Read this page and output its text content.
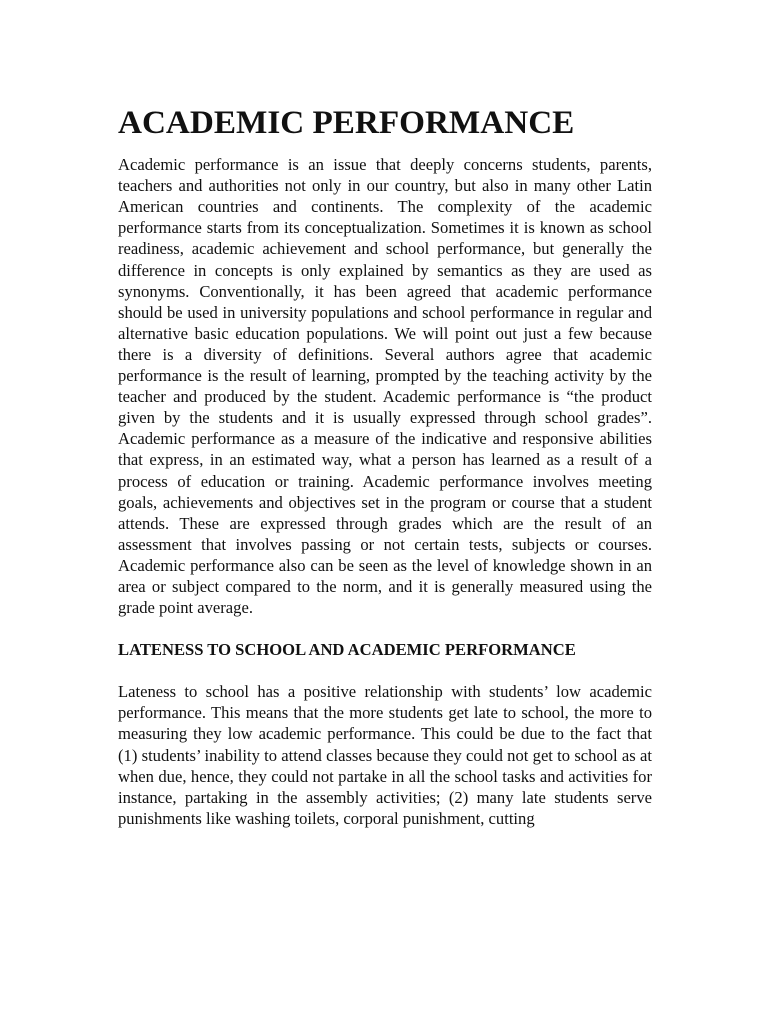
ACADEMIC PERFORMANCE

Academic performance is an issue that deeply concerns students, parents, teachers and authorities not only in our country, but also in many other Latin American countries and continents. The complexity of the academic performance starts from its conceptualization. Sometimes it is known as school readiness, academic achievement and school performance, but generally the difference in concepts is only explained by semantics as they are used as synonyms. Conventionally, it has been agreed that academic performance should be used in university populations and school performance in regular and alternative basic education populations. We will point out just a few because there is a diversity of definitions. Several authors agree that academic performance is the result of learning, prompted by the teaching activity by the teacher and produced by the student. Academic performance is “the product given by the students and it is usually expressed through school grades”. Academic performance as a measure of the indicative and responsive abilities that express, in an estimated way, what a person has learned as a result of a process of education or training. Academic performance involves meeting goals, achievements and objectives set in the program or course that a student attends. These are expressed through grades which are the result of an assessment that involves passing or not certain tests, subjects or courses. Academic performance also can be seen as the level of knowledge shown in an area or subject compared to the norm, and it is generally measured using the grade point average.

LATENESS TO SCHOOL AND ACADEMIC PERFORMANCE

Lateness to school has a positive relationship with students’ low academic performance. This means that the more students get late to school, the more to measuring they low academic performance. This could be due to the fact that (1) students’ inability to attend classes because they could not get to school as at when due, hence, they could not partake in all the school tasks and activities for instance, partaking in the assembly activities; (2) many late students serve punishments like washing toilets, corporal punishment, cutting
